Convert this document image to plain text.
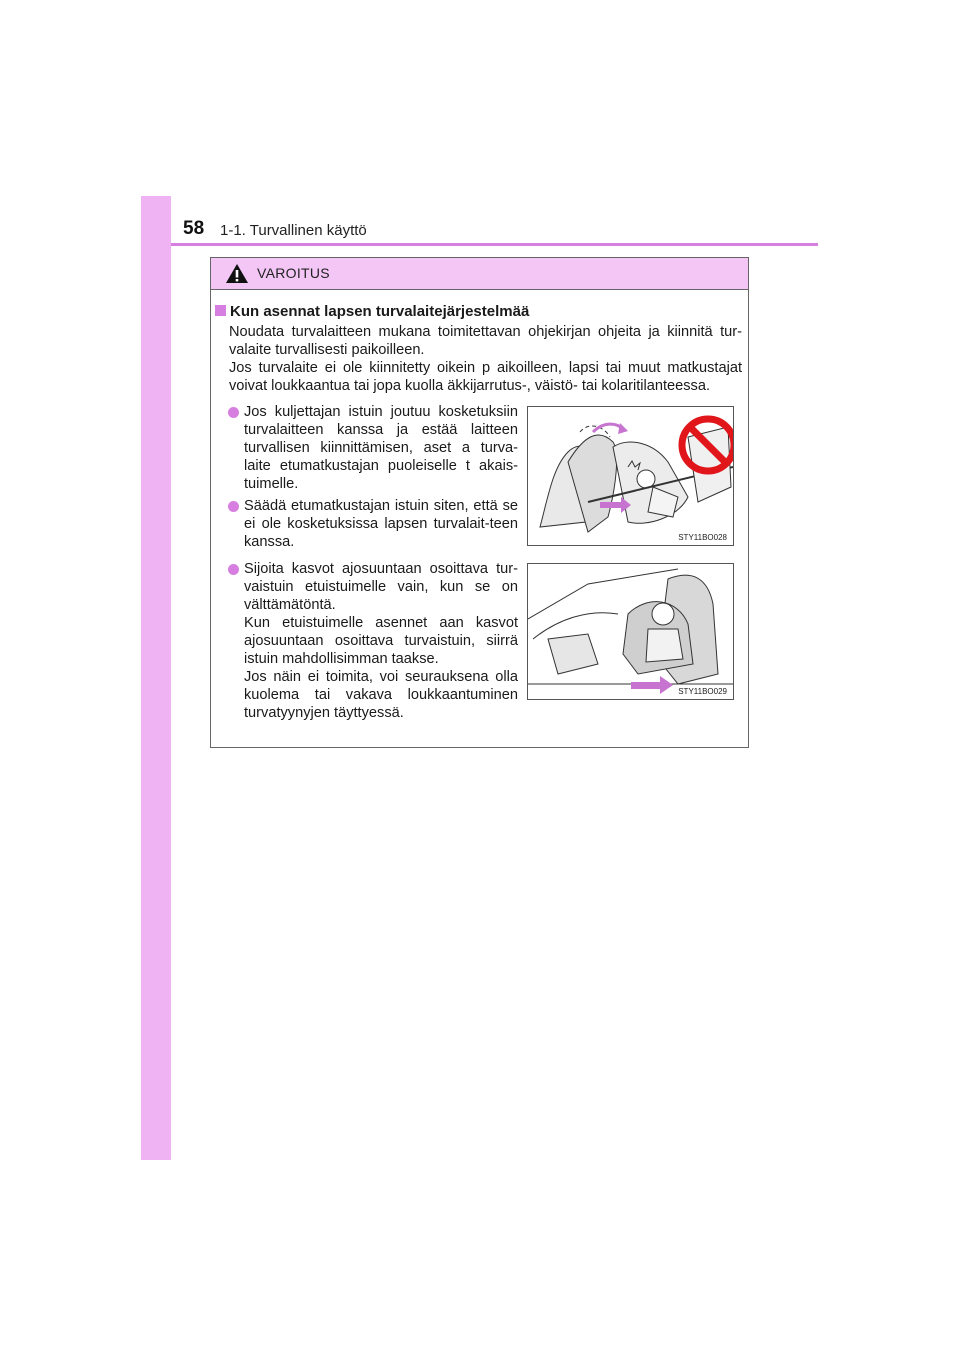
58 1-1. Turvallinen käyttö
VAROITUS
Kun asennat lapsen turvalaitejärjestelmää

Noudata turvalaitteen mukana toimitettavan ohjekirjan ohjeita ja kiinnitä tur-valaite turvallisesti paikoilleen.

Jos turvalaite ei ole kiinnitetty oikein p aikoilleen, lapsi tai muut matkustajat voivat loukkaantua tai jopa kuolla äkkijarrutus-, väistö- tai kolaritilanteessa.

Jos kuljettajan istuin joutuu kosketuksiin turvalaitteen kanssa ja estää laitteen turvallisen kiinnittämisen, aset a turva-laite etumatkustajan puoleiselle t akais-tuimelle.

Säädä etumatkustajan istuin siten, että se ei ole kosketuksissa lapsen turvalait-teen kanssa.

Sijoita kasvot ajosuuntaan osoittava tur-vaistuin etuistuimelle vain, kun se on välttämätöntä.

Kun etuistuimelle asennet aan kasvot ajosuuntaan osoittava turvaistuin, siirrä istuin mahdollisimman taakse.

Jos näin ei toimita, voi seurauksena olla kuolema tai vakava loukkaantuminen turvatyynyjen täyttyessä.

STY11BO028
STY11BO029
